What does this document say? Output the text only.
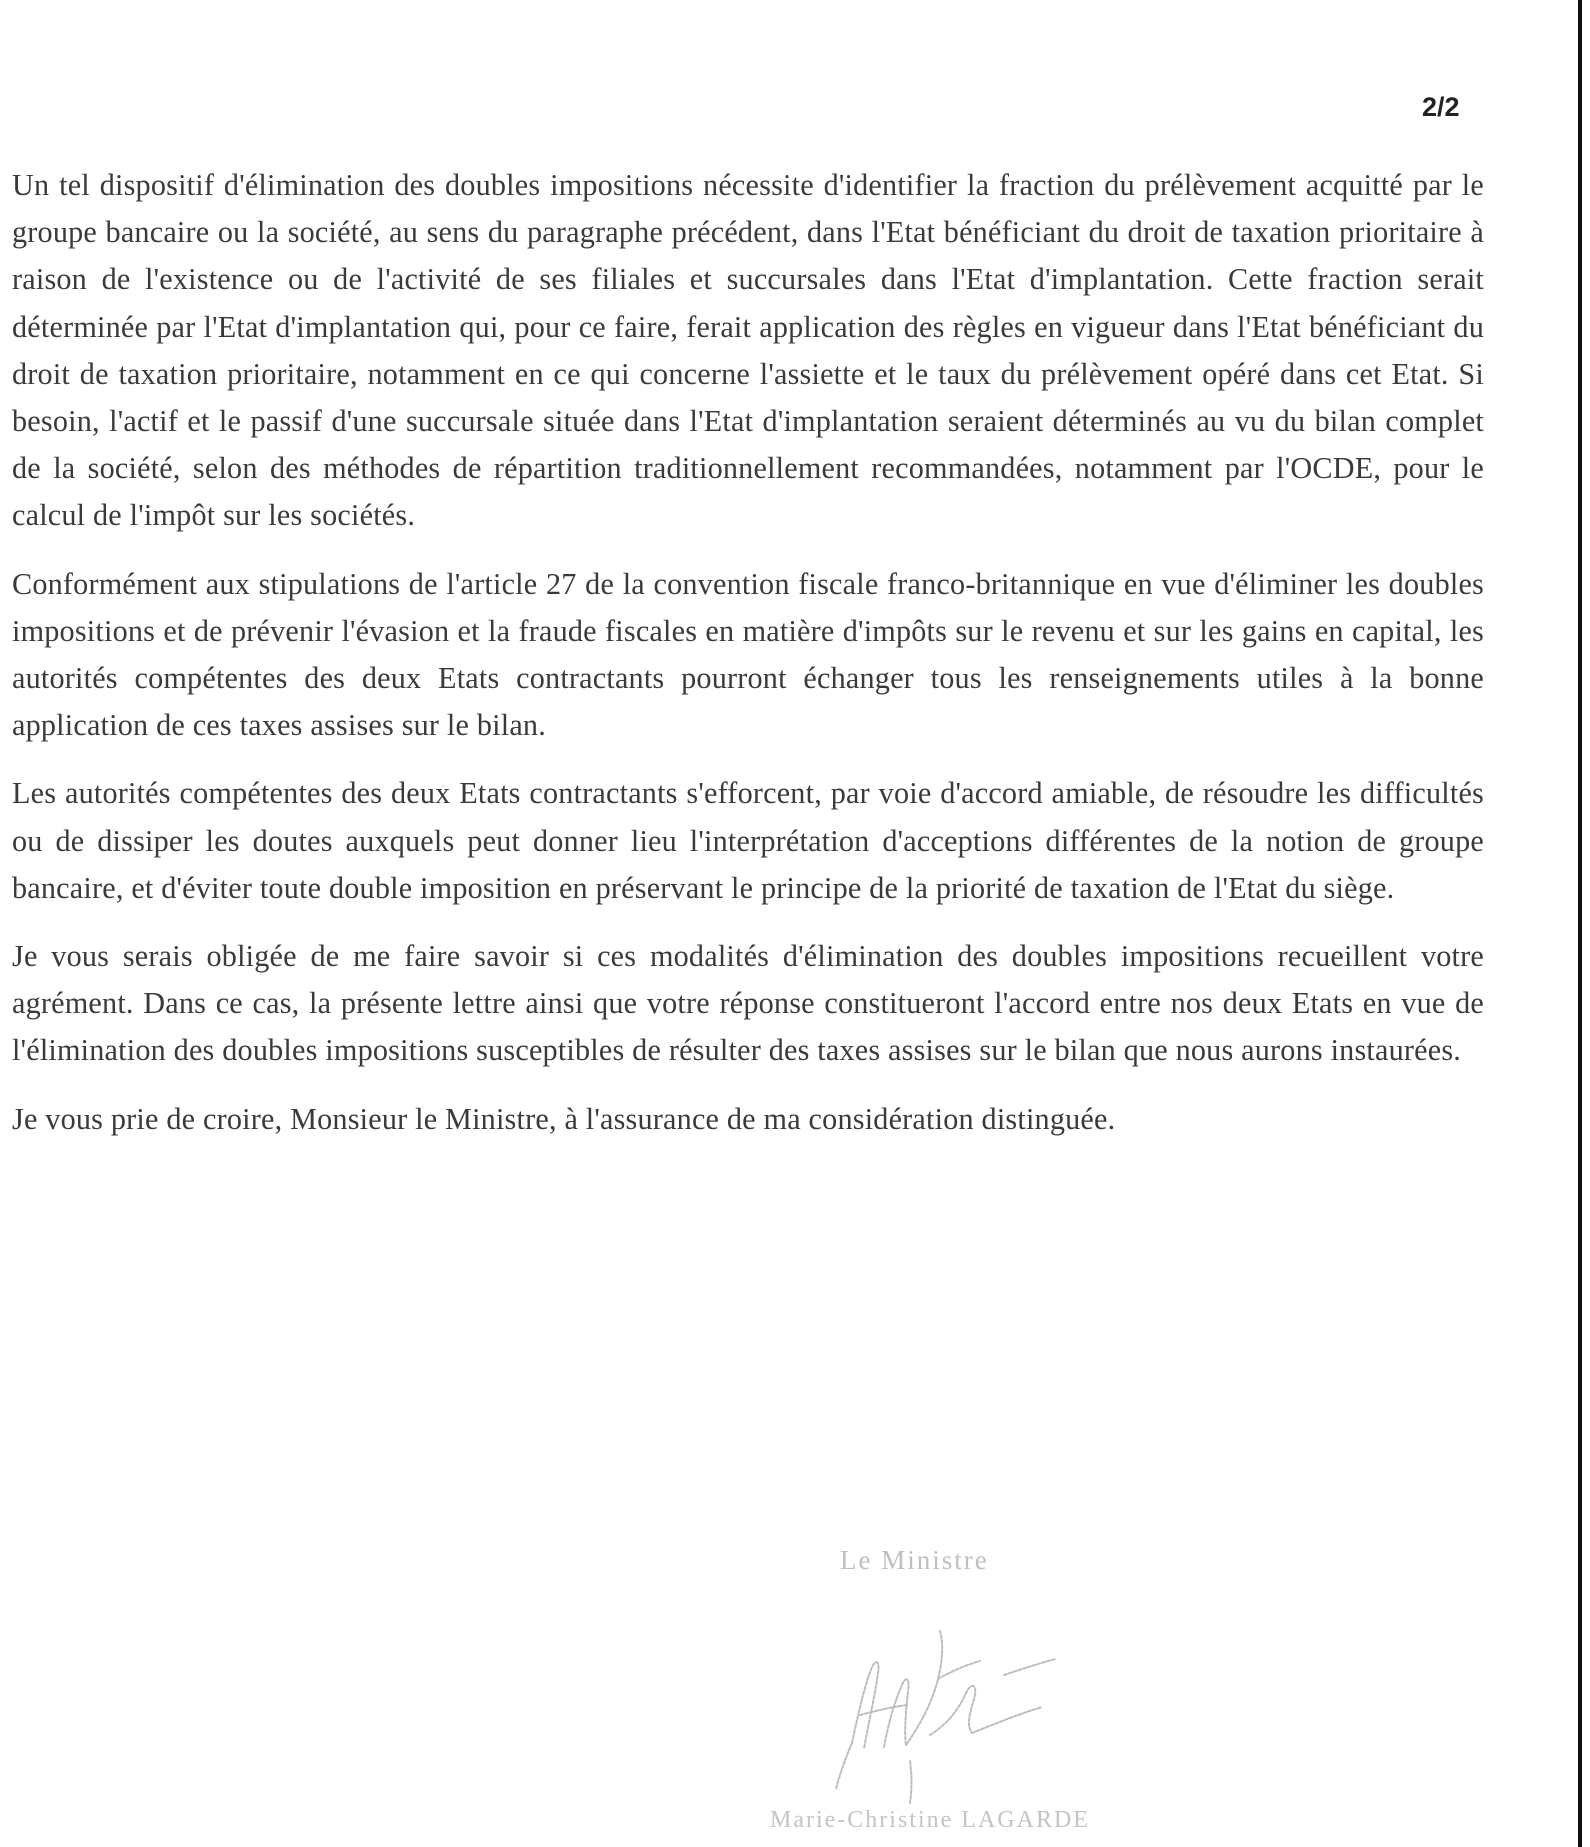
2/2

Un tel dispositif d'élimination des doubles impositions nécessite d'identifier la fraction du prélèvement acquitté par le groupe bancaire ou la société, au sens du paragraphe précédent, dans l'Etat bénéficiant du droit de taxation prioritaire à raison de l'existence ou de l'activité de ses filiales et succursales dans l'Etat d'implantation. Cette fraction serait déterminée par l'Etat d'implantation qui, pour ce faire, ferait application des règles en vigueur dans l'Etat bénéficiant du droit de taxation prioritaire, notamment en ce qui concerne l'assiette et le taux du prélèvement opéré dans cet Etat. Si besoin, l'actif et le passif d'une succursale située dans l'Etat d'implantation seraient déterminés au vu du bilan complet de la société, selon des méthodes de répartition traditionnellement recommandées, notamment par l'OCDE, pour le calcul de l'impôt sur les sociétés.

Conformément aux stipulations de l'article 27 de la convention fiscale franco-britannique en vue d'éliminer les doubles impositions et de prévenir l'évasion et la fraude fiscales en matière d'impôts sur le revenu et sur les gains en capital, les autorités compétentes des deux Etats contractants pourront échanger tous les renseignements utiles à la bonne application de ces taxes assises sur le bilan.

Les autorités compétentes des deux Etats contractants s'efforcent, par voie d'accord amiable, de résoudre les difficultés ou de dissiper les doutes auxquels peut donner lieu l'interprétation d'acceptions différentes de la notion de groupe bancaire, et d'éviter toute double imposition en préservant le principe de la priorité de taxation de l'Etat du siège.

Je vous serais obligée de me faire savoir si ces modalités d'élimination des doubles impositions recueillent votre agrément. Dans ce cas, la présente lettre ainsi que votre réponse constitueront l'accord entre nos deux Etats en vue de l'élimination des doubles impositions susceptibles de résulter des taxes assises sur le bilan que nous aurons instaurées.

Je vous prie de croire, Monsieur le Ministre, à l'assurance de ma considération distinguée.

Le Ministre
Marie-Christine LAGARDE
